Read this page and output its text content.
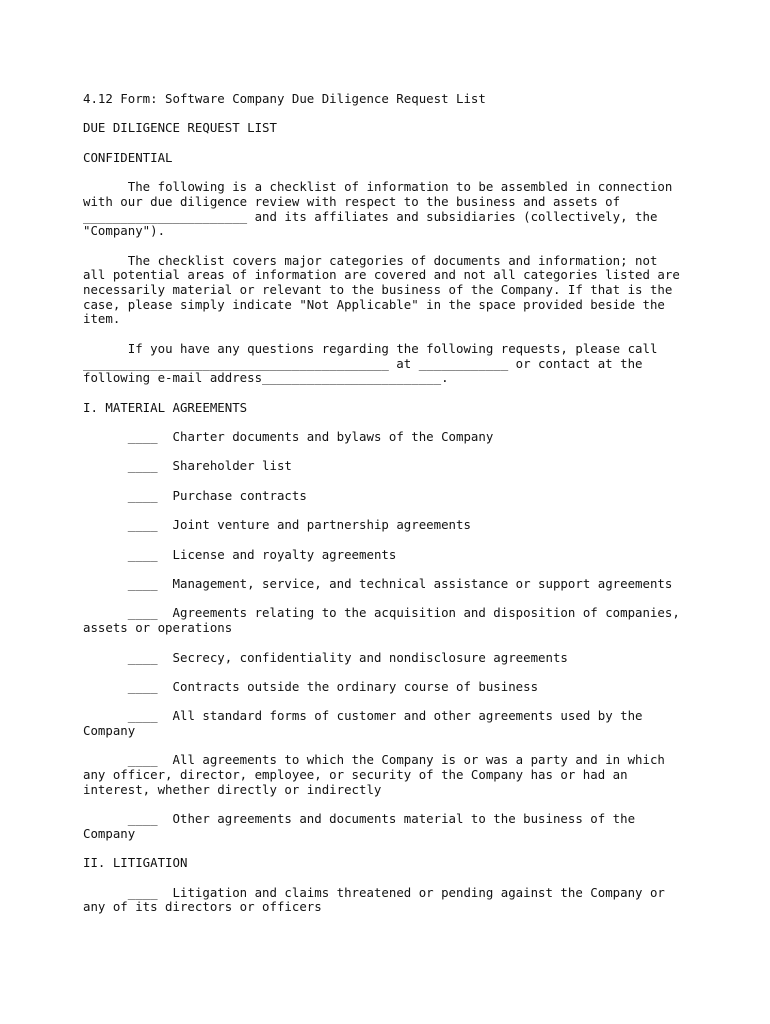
4.12 Form: Software Company Due Diligence Request List

DUE DILIGENCE REQUEST LIST

CONFIDENTIAL

The following is a checklist of information to be assembled in connection
with our due diligence review with respect to the business and assets of
______________________ and its affiliates and subsidiaries (collectively, the
"Company").

The checklist covers major categories of documents and information; not
all potential areas of information are covered and not all categories listed are
necessarily material or relevant to the business of the Company. If that is the
case, please simply indicate "Not Applicable" in the space provided beside the
item.

If you have any questions regarding the following requests, please call
_________________________________________ at ____________ or contact at the
following e-mail address________________________.

I. MATERIAL AGREEMENTS

____  Charter documents and bylaws of the Company

____  Shareholder list

____  Purchase contracts

____  Joint venture and partnership agreements

____  License and royalty agreements

____  Management, service, and technical assistance or support agreements

____  Agreements relating to the acquisition and disposition of companies,
assets or operations

____  Secrecy, confidentiality and nondisclosure agreements

____  Contracts outside the ordinary course of business

____  All standard forms of customer and other agreements used by the
Company

____  All agreements to which the Company is or was a party and in which
any officer, director, employee, or security of the Company has or had an
interest, whether directly or indirectly

____  Other agreements and documents material to the business of the
Company

II. LITIGATION

____  Litigation and claims threatened or pending against the Company or
any of its directors or officers
